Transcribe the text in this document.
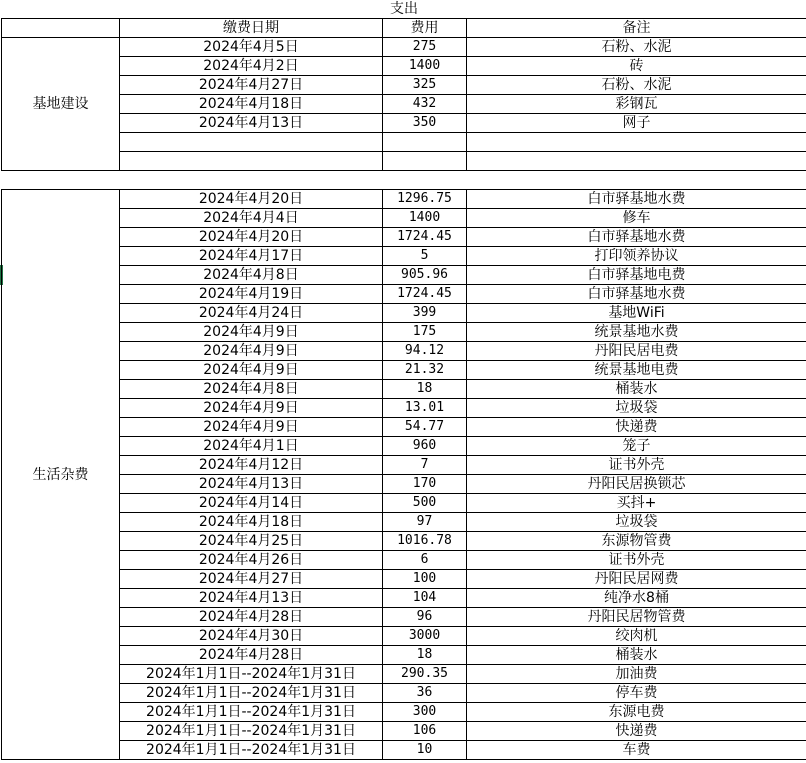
支出			
	缴费日期	费用	备注
基地建设	2024年4月5日	275	石粉、水泥
	2024年4月2日	1400	砖
	2024年4月27日	325	石粉、水泥
	2024年4月18日	432	彩钢瓦
	2024年4月13日	350	网子

生活杂费	2024年4月20日	1296.75	白市驿基地水费
	2024年4月4日	1400	修车
	2024年4月20日	1724.45	白市驿基地水费
	2024年4月17日	5	打印领养协议
	2024年4月8日	905.96	白市驿基地电费
	2024年4月19日	1724.45	白市驿基地水费
	2024年4月24日	399	基地WiFi
	2024年4月9日	175	统景基地水费
	2024年4月9日	94.12	丹阳民居电费
	2024年4月9日	21.32	统景基地电费
	2024年4月8日	18	桶装水
	2024年4月9日	13.01	垃圾袋
	2024年4月9日	54.77	快递费
	2024年4月1日	960	笼子
	2024年4月12日	7	证书外壳
	2024年4月13日	170	丹阳民居换锁芯
	2024年4月14日	500	买抖+
	2024年4月18日	97	垃圾袋
	2024年4月25日	1016.78	东源物管费
	2024年4月26日	6	证书外壳
	2024年4月27日	100	丹阳民居网费
	2024年4月13日	104	纯净水8桶
	2024年4月28日	96	丹阳民居物管费
	2024年4月30日	3000	绞肉机
	2024年4月28日	18	桶装水
	2024年1月1日--2024年1月31日	290.35	加油费
	2024年1月1日--2024年1月31日	36	停车费
	2024年1月1日--2024年1月31日	300	东源电费
	2024年1月1日--2024年1月31日	106	快递费
	2024年1月1日--2024年1月31日	10	车费
